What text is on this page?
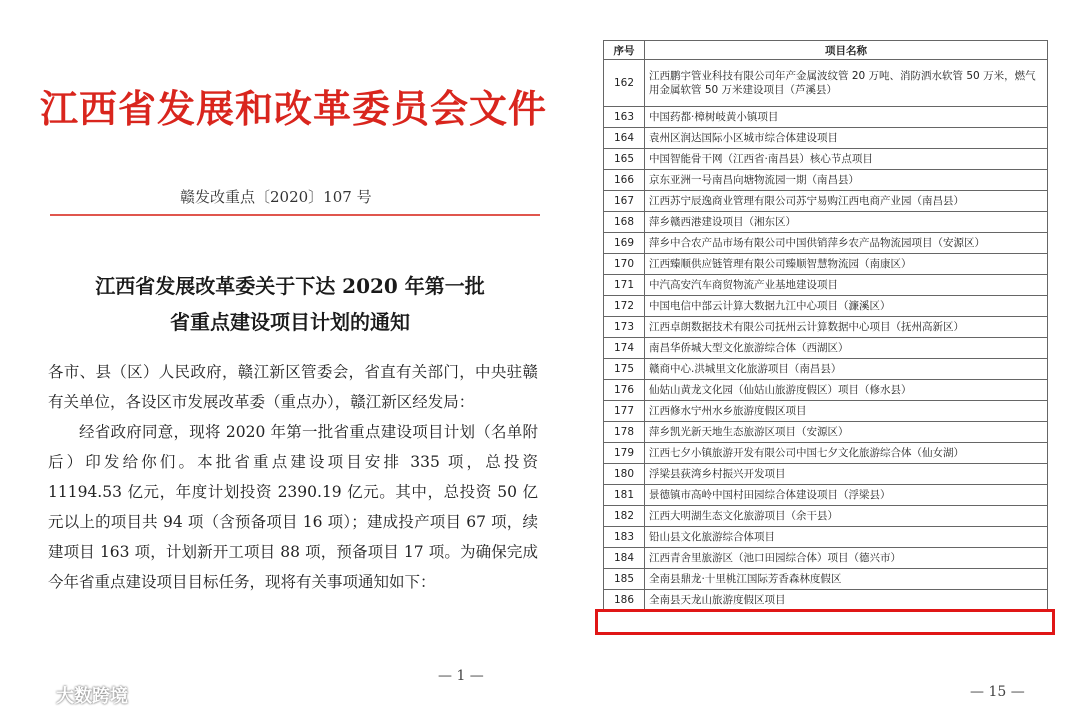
江西省发展和改革委员会文件
赣发改重点〔2020〕107 号
江西省发展改革委关于下达 2020 年第一批
省重点建设项目计划的通知

各市、县（区）人民政府，赣江新区管委会，省直有关部门，中央驻赣有关单位，各设区市发展改革委（重点办），赣江新区经发局：

经省政府同意，现将 2020 年第一批省重点建设项目计划（名单附后）印发给你们。本批省重点建设项目安排 335 项，总投资 11194.53 亿元，年度计划投资 2390.19 亿元。其中，总投资 50 亿元以上的项目共 94 项（含预备项目 16 项）；建成投产项目 67 项，续建项目 163 项，计划新开工项目 88 项，预备项目 17 项。为确保完成今年省重点建设项目目标任务，现将有关事项通知如下：

— 1 —
序号	项目名称
162	江西鹏宇管业科技有限公司年产金属波纹管 20 万吨、消防洒水软管 50 万米，燃气用金属软管 50 万米建设项目（芦溪县）
163	中国药都·樟树岐黄小镇项目
164	袁州区润达国际小区城市综合体建设项目
165	中国智能骨干网（江西省·南昌县）核心节点项目
166	京东亚洲一号南昌向塘物流园一期（南昌县）
167	江西苏宁辰逸商业管理有限公司苏宁易购江西电商产业园（南昌县）
168	萍乡赣西港建设项目（湘东区）
169	萍乡中合农产品市场有限公司中国供销萍乡农产品物流园项目（安源区）
170	江西臻顺供应链管理有限公司臻顺智慧物流园（南康区）
171	中汽高安汽车商贸物流产业基地建设项目
172	中国电信中部云计算大数据九江中心项目（濂溪区）
173	江西卓朗数据技术有限公司抚州云计算数据中心项目（抚州高新区）
174	南昌华侨城大型文化旅游综合体（西湖区）
175	赣商中心.洪城里文化旅游项目（南昌县）
176	仙姑山黄龙文化园（仙姑山旅游度假区）项目（修水县）
177	江西修水宁州水乡旅游度假区项目
178	萍乡凯光新天地生态旅游区项目（安源区）
179	江西七夕小镇旅游开发有限公司中国七夕文化旅游综合体（仙女湖）
180	浮梁县荻湾乡村振兴开发项目
181	景德镇市高岭中国村田园综合体建设项目（浮梁县）
182	江西大明湖生态文化旅游项目（余干县）
183	铅山县文化旅游综合体项目
184	江西青舍里旅游区（池口田园综合体）项目（德兴市）
185	全南县鼎龙·十里桃江国际芳香森林度假区
186	全南县天龙山旅游度假区项目
— 15 —
大数跨境
